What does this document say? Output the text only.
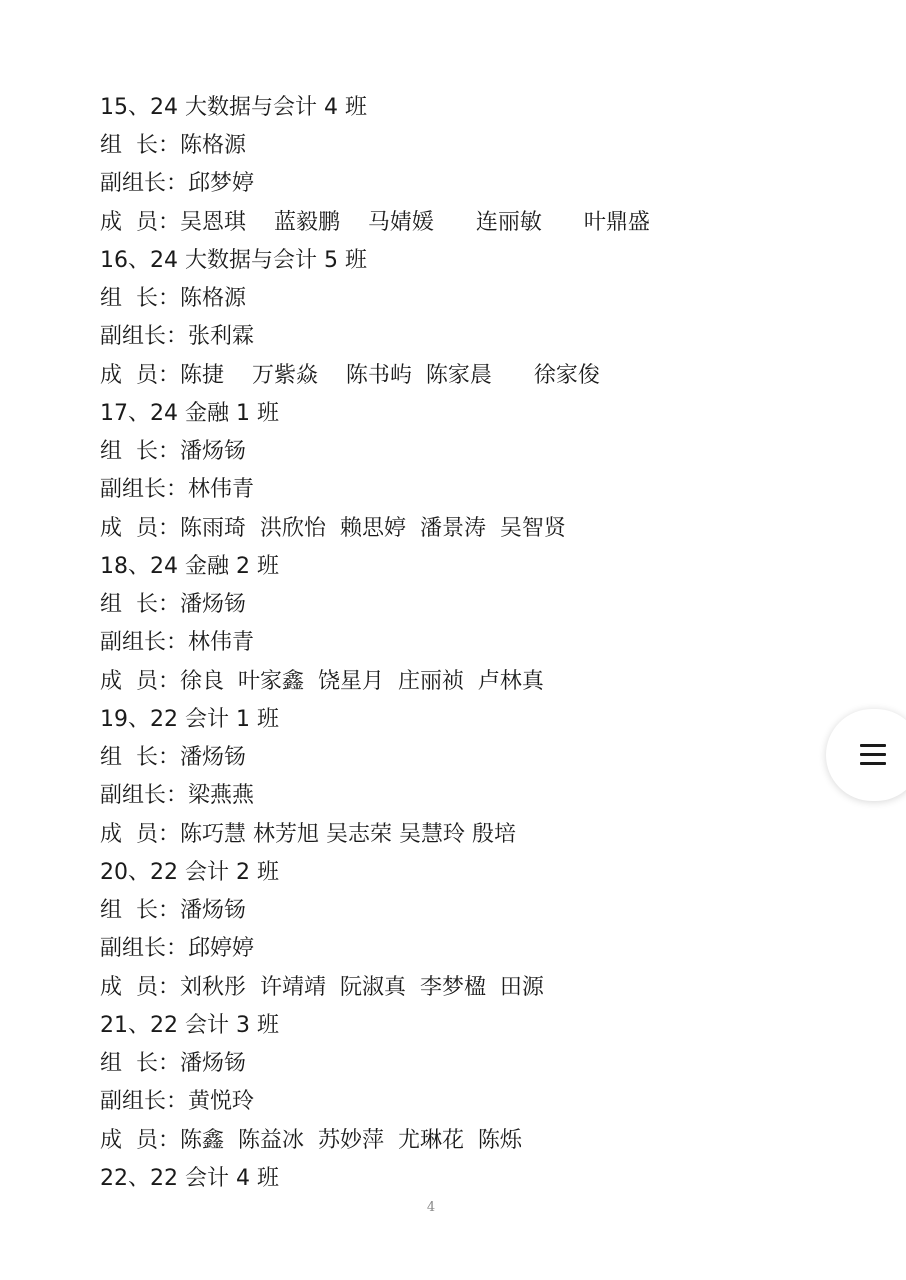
15、24 大数据与会计 4 班
组  长：陈格源
副组长：邱梦婷
成  员：吴恩琪    蓝毅鹏    马婧媛      连丽敏      叶鼎盛
16、24 大数据与会计 5 班
组  长：陈格源
副组长：张利霖
成  员：陈捷    万紫焱    陈书屿  陈家晨      徐家俊
17、24 金融 1 班
组  长：潘炀钖
副组长：林伟青
成  员：陈雨琦  洪欣怡  赖思婷  潘景涛  吴智贤
18、24 金融 2 班
组  长：潘炀钖
副组长：林伟青
成  员：徐良  叶家鑫  饶星月  庄丽祯  卢林真
19、22 会计 1 班
组  长：潘炀钖
副组长：梁燕燕
成  员：陈巧慧 林芳旭 吴志荣 吴慧玲 殷培
20、22 会计 2 班
组  长：潘炀钖
副组长：邱婷婷
成  员：刘秋彤  许靖靖  阮淑真  李梦楹  田源
21、22 会计 3 班
组  长：潘炀钖
副组长：黄悦玲
成  员：陈鑫  陈益冰  苏妙萍  尤琳花  陈烁
22、22 会计 4 班
4
